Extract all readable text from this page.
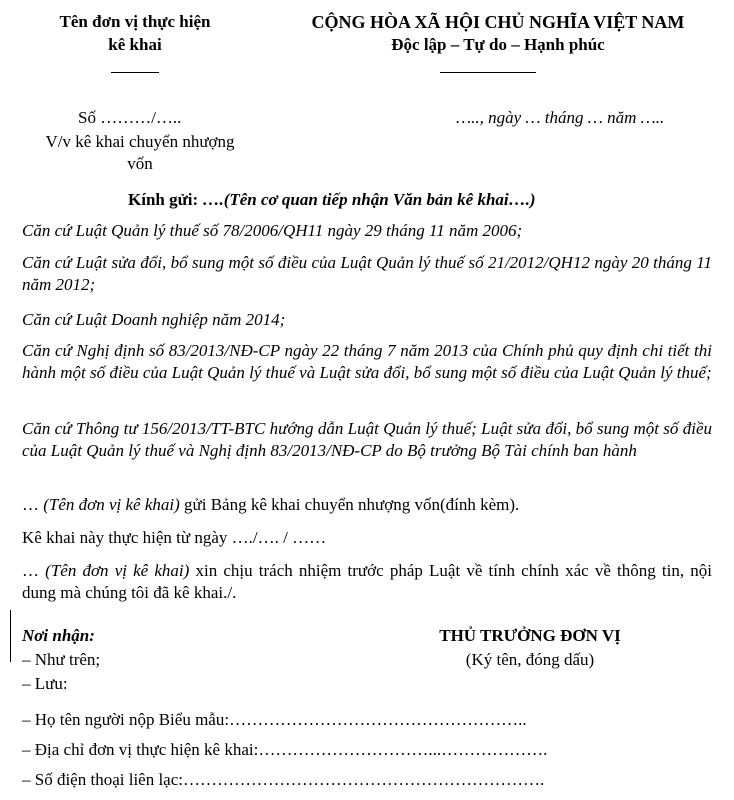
Tên đơn vị thực hiện
kê khai
CỘNG HÒA XÃ HỘI CHỦ NGHĨA VIỆT NAM
Độc lập – Tự do – Hạnh phúc
Số ………/…..
V/v kê khai chuyển nhượng
vốn
….., ngày … tháng … năm …..
Kính gửi: ….(Tên cơ quan tiếp nhận Văn bản kê khai….)
Căn cứ Luật Quản lý thuế số 78/2006/QH11 ngày 29 tháng 11 năm 2006;
Căn cứ Luật sửa đổi, bổ sung một số điều của Luật Quản lý thuế số 21/2012/QH12 ngày 20 tháng 11 năm 2012;
Căn cứ Luật Doanh nghiệp năm 2014;
Căn cứ Nghị định số 83/2013/NĐ-CP ngày 22 tháng 7 năm 2013 của Chính phủ quy định chi tiết thi hành một số điều của Luật Quản lý thuế và Luật sửa đổi, bổ sung một số điều của Luật Quản lý thuế;
Căn cứ Thông tư 156/2013/TT-BTC hướng dẫn Luật Quản lý thuế; Luật sửa đổi, bổ sung một số điều của Luật Quản lý thuế và Nghị định 83/2013/NĐ-CP do Bộ trưởng Bộ Tài chính ban hành
… (Tên đơn vị kê khai) gửi Bảng kê khai chuyển nhượng vốn(đính kèm).
Kê khai này thực hiện từ ngày …./…. / ……
… (Tên đơn vị kê khai) xin chịu trách nhiệm trước pháp Luật về tính chính xác về thông tin, nội dung mà chúng tôi đã kê khai./.
Nơi nhận:
– Như trên;
– Lưu:
THỦ TRƯỞNG ĐƠN VỊ
(Ký tên, đóng dấu)
– Họ tên người nộp Biểu mẫu:……………………………………………..
– Địa chỉ đơn vị thực hiện kê khai:…………………………...……………….
– Số điện thoại liên lạc:……………………………………………………….
